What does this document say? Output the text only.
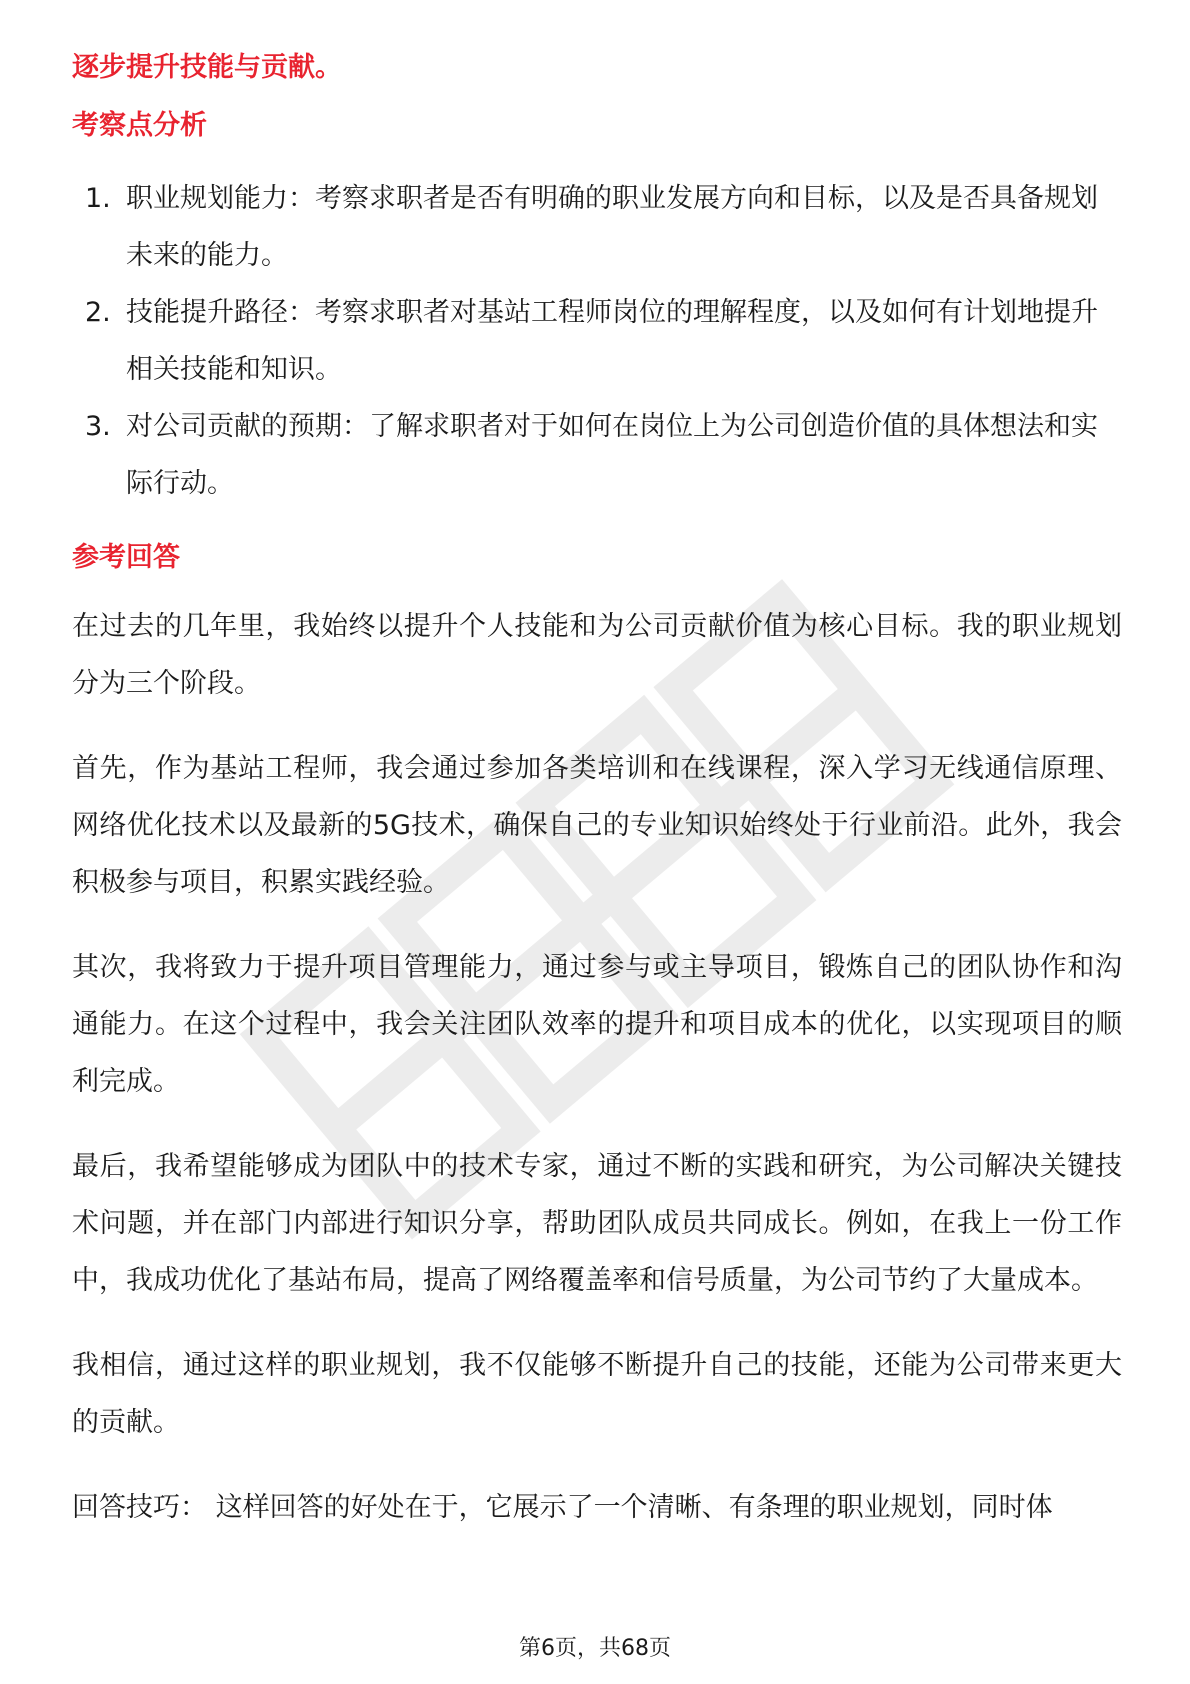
逐步提升技能与贡献。
考察点分析
1. 职业规划能力：考察求职者是否有明确的职业发展方向和目标，以及是否具备规划未来的能力。
2. 技能提升路径：考察求职者对基站工程师岗位的理解程度，以及如何有计划地提升相关技能和知识。
3. 对公司贡献的预期：了解求职者对于如何在岗位上为公司创造价值的具体想法和实际行动。
参考回答

在过去的几年里，我始终以提升个人技能和为公司贡献价值为核心目标。我的职业规划分为三个阶段。

首先，作为基站工程师，我会通过参加各类培训和在线课程，深入学习无线通信原理、网络优化技术以及最新的5G技术，确保自己的专业知识始终处于行业前沿。此外，我会积极参与项目，积累实践经验。

其次，我将致力于提升项目管理能力，通过参与或主导项目，锻炼自己的团队协作和沟通能力。在这个过程中，我会关注团队效率的提升和项目成本的优化，以实现项目的顺利完成。

最后，我希望能够成为团队中的技术专家，通过不断的实践和研究，为公司解决关键技术问题，并在部门内部进行知识分享，帮助团队成员共同成长。例如，在我上一份工作中，我成功优化了基站布局，提高了网络覆盖率和信号质量，为公司节约了大量成本。

我相信，通过这样的职业规划，我不仅能够不断提升自己的技能，还能为公司带来更大的贡献。

回答技巧： 这样回答的好处在于，它展示了一个清晰、有条理的职业规划，同时体

第6页，共68页
